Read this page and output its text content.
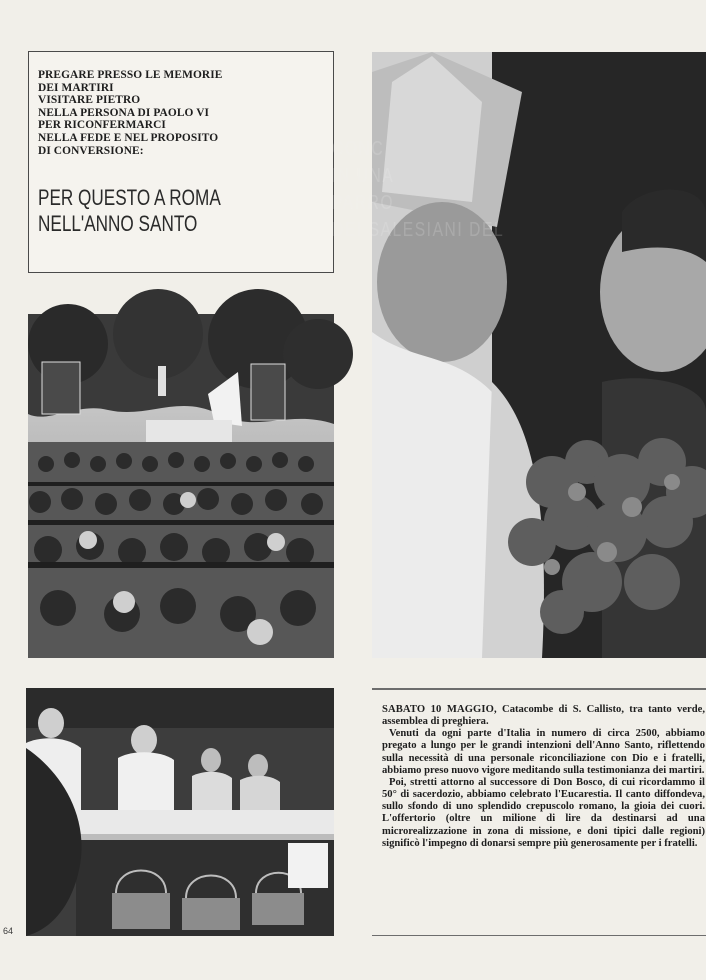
PREGARE PRESSO LE MEMORIE
DEI MARTIRI
VISITARE PIETRO
NELLA PERSONA DI PAOLO VI
PER RICONFERMARCI
NELLA FEDE E NEL PROPOSITO
DI CONVERSIONE:
PER QUESTO A ROMA
NELL'ANNO SANTO
CONC
IN UNA
PARRO
DEI SALESIANI DEL

SABATO 10 MAGGIO, Catacombe di S. Callisto, tra tanto verde, assemblea di preghiera.

Venuti da ogni parte d'Italia in numero di circa 2500, abbiamo pregato a lungo per le grandi intenzioni dell'Anno Santo, riflettendo sulla necessità di una personale riconciliazione con Dio e i fratelli, abbiamo preso nuovo vigore meditando sulla testimonianza dei martiri.

Poi, stretti attorno al successore di Don Bosco, di cui ricordammo il 50° di sacerdozio, abbiamo celebrato l'Eucarestia. Il canto diffondeva, sullo sfondo di uno splendido crepuscolo romano, la gioia dei cuori. L'offertorio (oltre un milione di lire da destinarsi ad una microrealizzazione in zona di missione, e doni tipici dalle regioni) significò l'impegno di donarsi sempre più generosamente per i fratelli.

64
